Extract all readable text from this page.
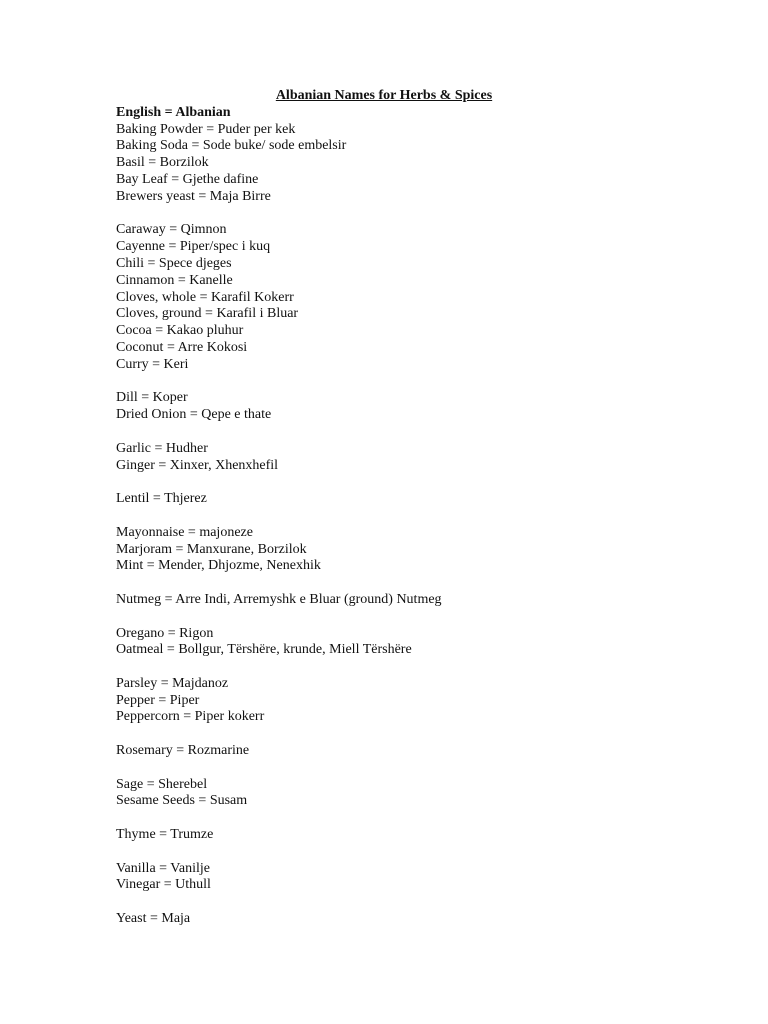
Albanian Names for Herbs & Spices
English = Albanian
Baking Powder = Puder per kek
Baking Soda = Sode buke/ sode embelsir
Basil = Borzilok
Bay Leaf = Gjethe dafine
Brewers yeast = Maja Birre
Caraway = Qimnon
Cayenne = Piper/spec i kuq
Chili = Spece djeges
Cinnamon = Kanelle
Cloves, whole = Karafil Kokerr
Cloves, ground = Karafil i Bluar
Cocoa = Kakao pluhur
Coconut = Arre Kokosi
Curry = Keri
Dill = Koper
Dried Onion = Qepe e thate
Garlic = Hudher
Ginger = Xinxer, Xhenxhefil
Lentil = Thjerez
Mayonnaise = majoneze
Marjoram = Manxurane, Borzilok
Mint = Mender, Dhjozme, Nenexhik
Nutmeg = Arre Indi, Arremyshk e Bluar (ground) Nutmeg
Oregano = Rigon
Oatmeal = Bollgur, Tërshëre, krunde, Miell Tërshëre
Parsley = Majdanoz
Pepper = Piper
Peppercorn = Piper kokerr
Rosemary = Rozmarine
Sage = Sherebel
Sesame Seeds = Susam
Thyme = Trumze
Vanilla = Vanilje
Vinegar = Uthull
Yeast = Maja
